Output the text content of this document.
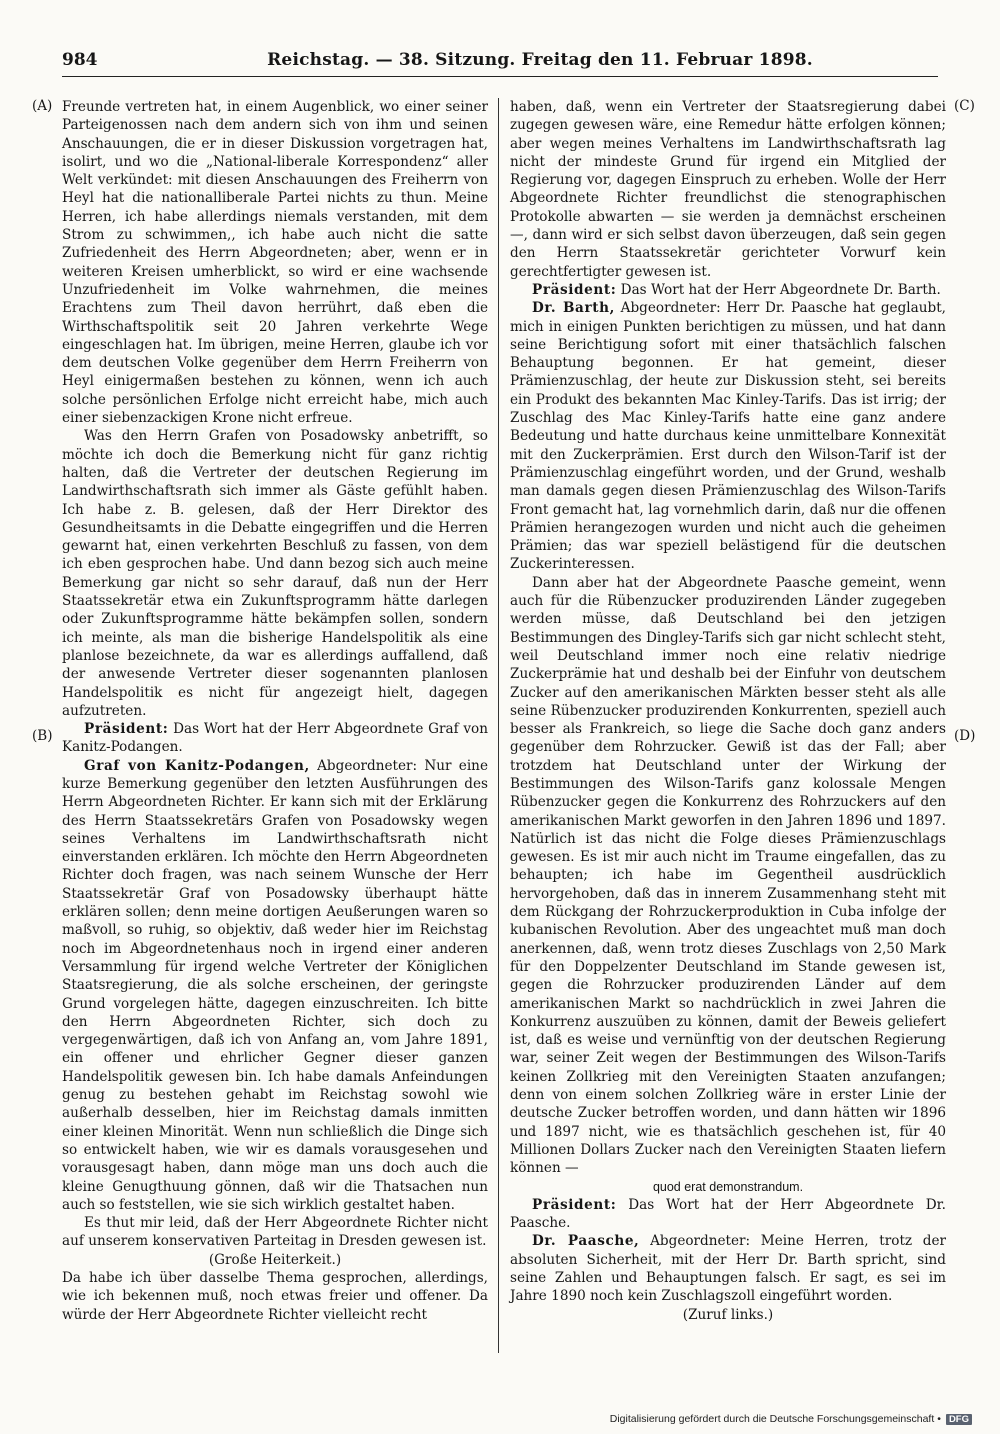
984	Reichstag. — 38. Sitzung. Freitag den 11. Februar 1898.
(A)
(B)
(C)
(D)

Freunde vertreten hat, in einem Augenblick, wo einer seiner Parteigenossen nach dem andern sich von ihm und seinen Anschauungen, die er in dieser Diskussion vorgetragen hat, isolirt, und wo die „National-liberale Korrespondenz“ aller Welt verkündet: mit diesen Anschauungen des Freiherrn von Heyl hat die nationalliberale Partei nichts zu thun. Meine Herren, ich habe allerdings niemals verstanden, mit dem Strom zu schwimmen,, ich habe auch nicht die satte Zufriedenheit des Herrn Abgeordneten; aber, wenn er in weiteren Kreisen umherblickt, so wird er eine wachsende Unzufriedenheit im Volke wahrnehmen, die meines Erachtens zum Theil davon herrührt, daß eben die Wirthschaftspolitik seit 20 Jahren verkehrte Wege eingeschlagen hat. Im übrigen, meine Herren, glaube ich vor dem deutschen Volke gegenüber dem Herrn Freiherrn von Heyl einigermaßen bestehen zu können, wenn ich auch solche persönlichen Erfolge nicht erreicht habe, mich auch einer siebenzackigen Krone nicht erfreue.

Was den Herrn Grafen von Posadowsky anbetrifft, so möchte ich doch die Bemerkung nicht für ganz richtig halten, daß die Vertreter der deutschen Regierung im Landwirthschaftsrath sich immer als Gäste gefühlt haben. Ich habe z. B. gelesen, daß der Herr Direktor des Gesundheitsamts in die Debatte eingegriffen und die Herren gewarnt hat, einen verkehrten Beschluß zu fassen, von dem ich eben gesprochen habe. Und dann bezog sich auch meine Bemerkung gar nicht so sehr darauf, daß nun der Herr Staatssekretär etwa ein Zukunftsprogramm hätte darlegen oder Zukunftsprogramme hätte bekämpfen sollen, sondern ich meinte, als man die bisherige Handelspolitik als eine planlose bezeichnete, da war es allerdings auffallend, daß der anwesende Vertreter dieser sogenannten planlosen Handelspolitik es nicht für angezeigt hielt, dagegen aufzutreten.

Präsident: Das Wort hat der Herr Abgeordnete Graf von Kanitz-Podangen.

Graf von Kanitz-Podangen, Abgeordneter: Nur eine kurze Bemerkung gegenüber den letzten Ausführungen des Herrn Abgeordneten Richter. Er kann sich mit der Erklärung des Herrn Staatssekretärs Grafen von Posadowsky wegen seines Verhaltens im Landwirthschaftsrath nicht einverstanden erklären. Ich möchte den Herrn Abgeordneten Richter doch fragen, was nach seinem Wunsche der Herr Staatssekretär Graf von Posadowsky überhaupt hätte erklären sollen; denn meine dortigen Aeußerungen waren so maßvoll, so ruhig, so objektiv, daß weder hier im Reichstag noch im Abgeordnetenhaus noch in irgend einer anderen Versammlung für irgend welche Vertreter der Königlichen Staatsregierung, die als solche erscheinen, der geringste Grund vorgelegen hätte, dagegen einzuschreiten. Ich bitte den Herrn Abgeordneten Richter, sich doch zu vergegenwärtigen, daß ich von Anfang an, vom Jahre 1891, ein offener und ehrlicher Gegner dieser ganzen Handelspolitik gewesen bin. Ich habe damals Anfeindungen genug zu bestehen gehabt im Reichstag sowohl wie außerhalb desselben, hier im Reichstag damals inmitten einer kleinen Minorität. Wenn nun schließlich die Dinge sich so entwickelt haben, wie wir es damals vorausgesehen und vorausgesagt haben, dann möge man uns doch auch die kleine Genugthuung gönnen, daß wir die Thatsachen nun auch so feststellen, wie sie sich wirklich gestaltet haben.

Es thut mir leid, daß der Herr Abgeordnete Richter nicht auf unserem konservativen Parteitag in Dresden gewesen ist.

(Große Heiterkeit.)

Da habe ich über dasselbe Thema gesprochen, allerdings, wie ich bekennen muß, noch etwas freier und offener. Da würde der Herr Abgeordnete Richter vielleicht recht

haben, daß, wenn ein Vertreter der Staatsregierung dabei zugegen gewesen wäre, eine Remedur hätte erfolgen können; aber wegen meines Verhaltens im Landwirthschaftsrath lag nicht der mindeste Grund für irgend ein Mitglied der Regierung vor, dagegen Einspruch zu erheben. Wolle der Herr Abgeordnete Richter freundlichst die stenographischen Protokolle abwarten — sie werden ja demnächst erscheinen —, dann wird er sich selbst davon überzeugen, daß sein gegen den Herrn Staatssekretär gerichteter Vorwurf kein gerechtfertigter gewesen ist.

Präsident: Das Wort hat der Herr Abgeordnete Dr. Barth.

Dr. Barth, Abgeordneter: Herr Dr. Paasche hat geglaubt, mich in einigen Punkten berichtigen zu müssen, und hat dann seine Berichtigung sofort mit einer thatsächlich falschen Behauptung begonnen. Er hat gemeint, dieser Prämienzuschlag, der heute zur Diskussion steht, sei bereits ein Produkt des bekannten Mac Kinley-Tarifs. Das ist irrig; der Zuschlag des Mac Kinley-Tarifs hatte eine ganz andere Bedeutung und hatte durchaus keine unmittelbare Konnexität mit den Zuckerprämien. Erst durch den Wilson-Tarif ist der Prämienzuschlag eingeführt worden, und der Grund, weshalb man damals gegen diesen Prämienzuschlag des Wilson-Tarifs Front gemacht hat, lag vornehmlich darin, daß nur die offenen Prämien herangezogen wurden und nicht auch die geheimen Prämien; das war speziell belästigend für die deutschen Zuckerinteressen.

Dann aber hat der Abgeordnete Paasche gemeint, wenn auch für die Rübenzucker produzirenden Länder zugegeben werden müsse, daß Deutschland bei den jetzigen Bestimmungen des Dingley-Tarifs sich gar nicht schlecht steht, weil Deutschland immer noch eine relativ niedrige Zuckerprämie hat und deshalb bei der Einfuhr von deutschem Zucker auf den amerikanischen Märkten besser steht als alle seine Rübenzucker produzirenden Konkurrenten, speziell auch besser als Frankreich, so liege die Sache doch ganz anders gegenüber dem Rohrzucker. Gewiß ist das der Fall; aber trotzdem hat Deutschland unter der Wirkung der Bestimmungen des Wilson-Tarifs ganz kolossale Mengen Rübenzucker gegen die Konkurrenz des Rohrzuckers auf den amerikanischen Markt geworfen in den Jahren 1896 und 1897. Natürlich ist das nicht die Folge dieses Prämienzuschlags gewesen. Es ist mir auch nicht im Traume eingefallen, das zu behaupten; ich habe im Gegentheil ausdrücklich hervorgehoben, daß das in innerem Zusammenhang steht mit dem Rückgang der Rohrzuckerproduktion in Cuba infolge der kubanischen Revolution. Aber des ungeachtet muß man doch anerkennen, daß, wenn trotz dieses Zuschlags von 2,50 Mark für den Doppelzenter Deutschland im Stande gewesen ist, gegen die Rohrzucker produzirenden Länder auf dem amerikanischen Markt so nachdrücklich in zwei Jahren die Konkurrenz auszuüben zu können, damit der Beweis geliefert ist, daß es weise und vernünftig von der deutschen Regierung war, seiner Zeit wegen der Bestimmungen des Wilson-Tarifs keinen Zollkrieg mit den Vereinigten Staaten anzufangen; denn von einem solchen Zollkrieg wäre in erster Linie der deutsche Zucker betroffen worden, und dann hätten wir 1896 und 1897 nicht, wie es thatsächlich geschehen ist, für 40 Millionen Dollars Zucker nach den Vereinigten Staaten liefern können —

quod erat demonstrandum.

Präsident: Das Wort hat der Herr Abgeordnete Dr. Paasche.

Dr. Paasche, Abgeordneter: Meine Herren, trotz der absoluten Sicherheit, mit der Herr Dr. Barth spricht, sind seine Zahlen und Behauptungen falsch. Er sagt, es sei im Jahre 1890 noch kein Zuschlagszoll eingeführt worden.

(Zuruf links.)

Digitalisierung gefördert durch die Deutsche Forschungsgemeinschaft • DFG
